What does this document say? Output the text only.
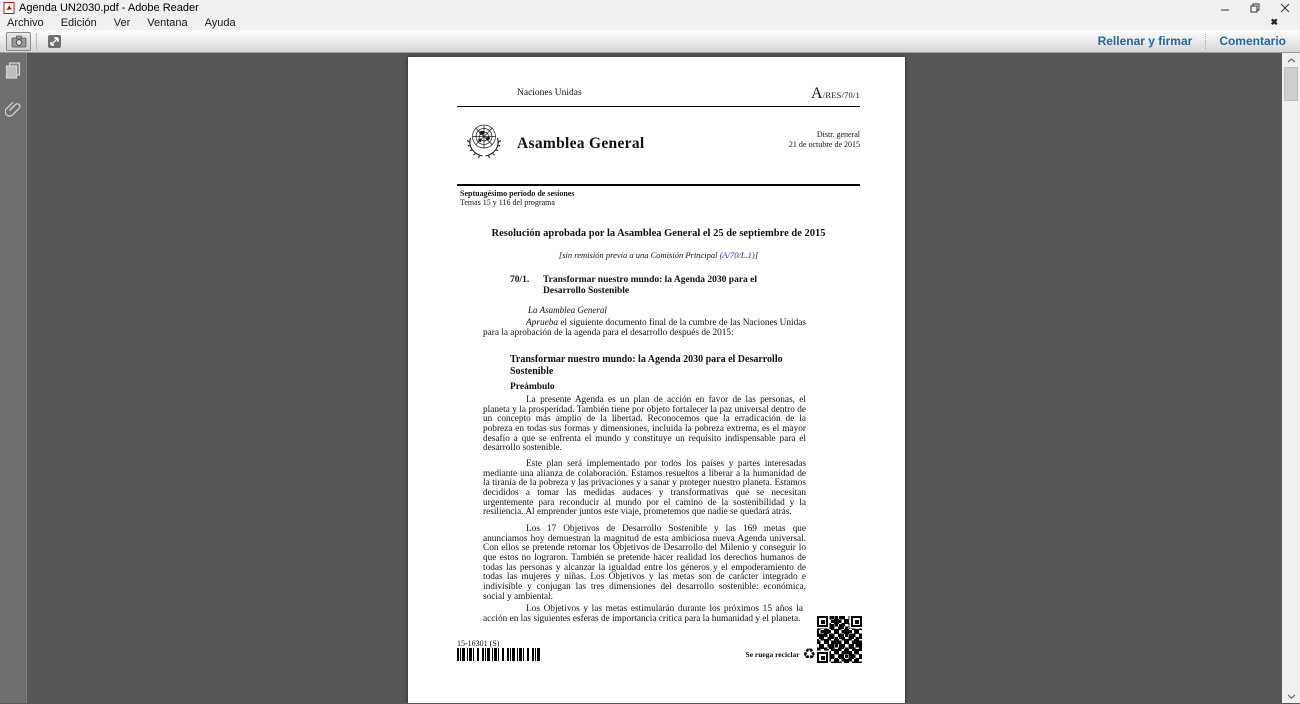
Agenda UN2030.pdf - Adobe Reader
Archivo Edición Ver Ventana Ayuda	✖
Rellenar y firmar Comentario
Naciones Unidas	A/RES/70/1
Asamblea General
Distr. general
21 de octubre de 2015
Septuagésimo período de sesiones
Temas 15 y 116 del programa
Resolución aprobada por la Asamblea General el 25 de septiembre de 2015
[sin remisión previa a una Comisión Principal (A/70/L.1)]
70/1. Transformar nuestro mundo: la Agenda 2030 para el Desarrollo Sostenible
La Asamblea General

Aprueba el siguiente documento final de la cumbre de las Naciones Unidas para la aprobación de la agenda para el desarrollo después de 2015:

Transformar nuestro mundo: la Agenda 2030 para el Desarrollo Sostenible
Preámbulo

La presente Agenda es un plan de acción en favor de las personas, el planeta y la prosperidad. También tiene por objeto fortalecer la paz universal dentro de un concepto más amplio de la libertad. Reconocemos que la erradicación de la pobreza en todas sus formas y dimensiones, incluida la pobreza extrema, es el mayor desafío a que se enfrenta el mundo y constituye un requisito indispensable para el desarrollo sostenible.

Este plan será implementado por todos los países y partes interesadas mediante una alianza de colaboración. Estamos resueltos a liberar a la humanidad de la tiranía de la pobreza y las privaciones y a sanar y proteger nuestro planeta. Estamos decididos a tomar las medidas audaces y transformativas que se necesitan urgentemente para reconducir al mundo por el camino de la sostenibilidad y la resiliencia. Al emprender juntos este viaje, prometemos que nadie se quedará atrás.

Los 17 Objetivos de Desarrollo Sostenible y las 169 metas que anunciamos hoy demuestran la magnitud de esta ambiciosa nueva Agenda universal. Con ellos se pretende retomar los Objetivos de Desarrollo del Milenio y conseguir lo que estos no lograron. También se pretende hacer realidad los derechos humanos de todas las personas y alcanzar la igualdad entre los géneros y el empoderamiento de todas las mujeres y niñas. Los Objetivos y las metas son de carácter integrado e indivisible y conjugan las tres dimensiones del desarrollo sostenible: económica, social y ambiental.

Los Objetivos y las metas estimularán durante los próximos 15 años la acción en las siguientes esferas de importancia crítica para la humanidad y el planeta.

15-16301 (S)
Se ruega reciclar ♻
